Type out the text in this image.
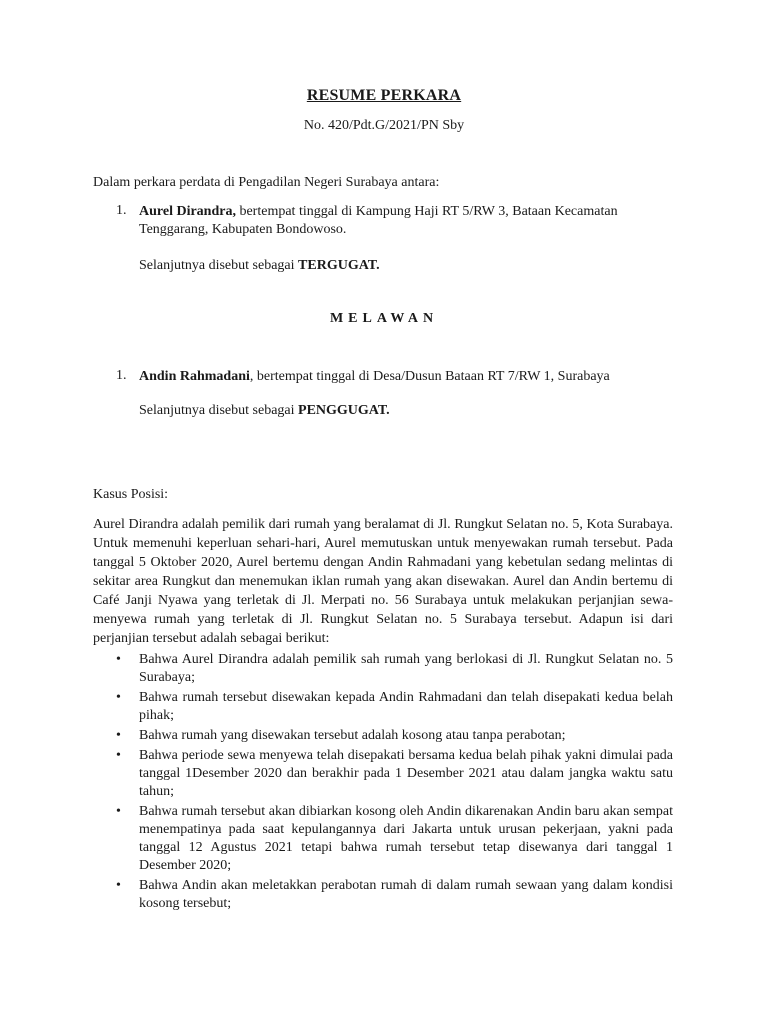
RESUME PERKARA

No. 420/Pdt.G/2021/PN Sby

Dalam perkara perdata di Pengadilan Negeri Surabaya antara:

1. Aurel Dirandra, bertempat tinggal di Kampung Haji RT 5/RW 3, Bataan Kecamatan Tenggarang, Kabupaten Bondowoso.

Selanjutnya disebut sebagai TERGUGAT.

MELAWAN

1. Andin Rahmadani, bertempat tinggal di Desa/Dusun Bataan RT 7/RW 1, Surabaya

Selanjutnya disebut sebagai PENGGUGAT.

Kasus Posisi:

Aurel Dirandra adalah pemilik dari rumah yang beralamat di Jl. Rungkut Selatan no. 5, Kota Surabaya. Untuk memenuhi keperluan sehari-hari, Aurel memutuskan untuk menyewakan rumah tersebut. Pada tanggal 5 Oktober 2020, Aurel bertemu dengan Andin Rahmadani yang kebetulan sedang melintas di sekitar area Rungkut dan menemukan iklan rumah yang akan disewakan. Aurel dan Andin bertemu di Café Janji Nyawa yang terletak di Jl. Merpati no. 56 Surabaya untuk melakukan perjanjian sewa-menyewa rumah yang terletak di Jl. Rungkut Selatan no. 5 Surabaya tersebut. Adapun isi dari perjanjian tersebut adalah sebagai berikut:

• Bahwa Aurel Dirandra adalah pemilik sah rumah yang berlokasi di Jl. Rungkut Selatan no. 5 Surabaya;
• Bahwa rumah tersebut disewakan kepada Andin Rahmadani dan telah disepakati kedua belah pihak;
• Bahwa rumah yang disewakan tersebut adalah kosong atau tanpa perabotan;
• Bahwa periode sewa menyewa telah disepakati bersama kedua belah pihak yakni dimulai pada tanggal 1Desember 2020 dan berakhir pada 1 Desember 2021 atau dalam jangka waktu satu tahun;
• Bahwa rumah tersebut akan dibiarkan kosong oleh Andin dikarenakan Andin baru akan sempat menempatinya pada saat kepulangannya dari Jakarta untuk urusan pekerjaan, yakni pada tanggal 12 Agustus 2021 tetapi bahwa rumah tersebut tetap disewanya dari tanggal 1 Desember 2020;
• Bahwa Andin akan meletakkan perabotan rumah di dalam rumah sewaan yang dalam kondisi kosong tersebut;
